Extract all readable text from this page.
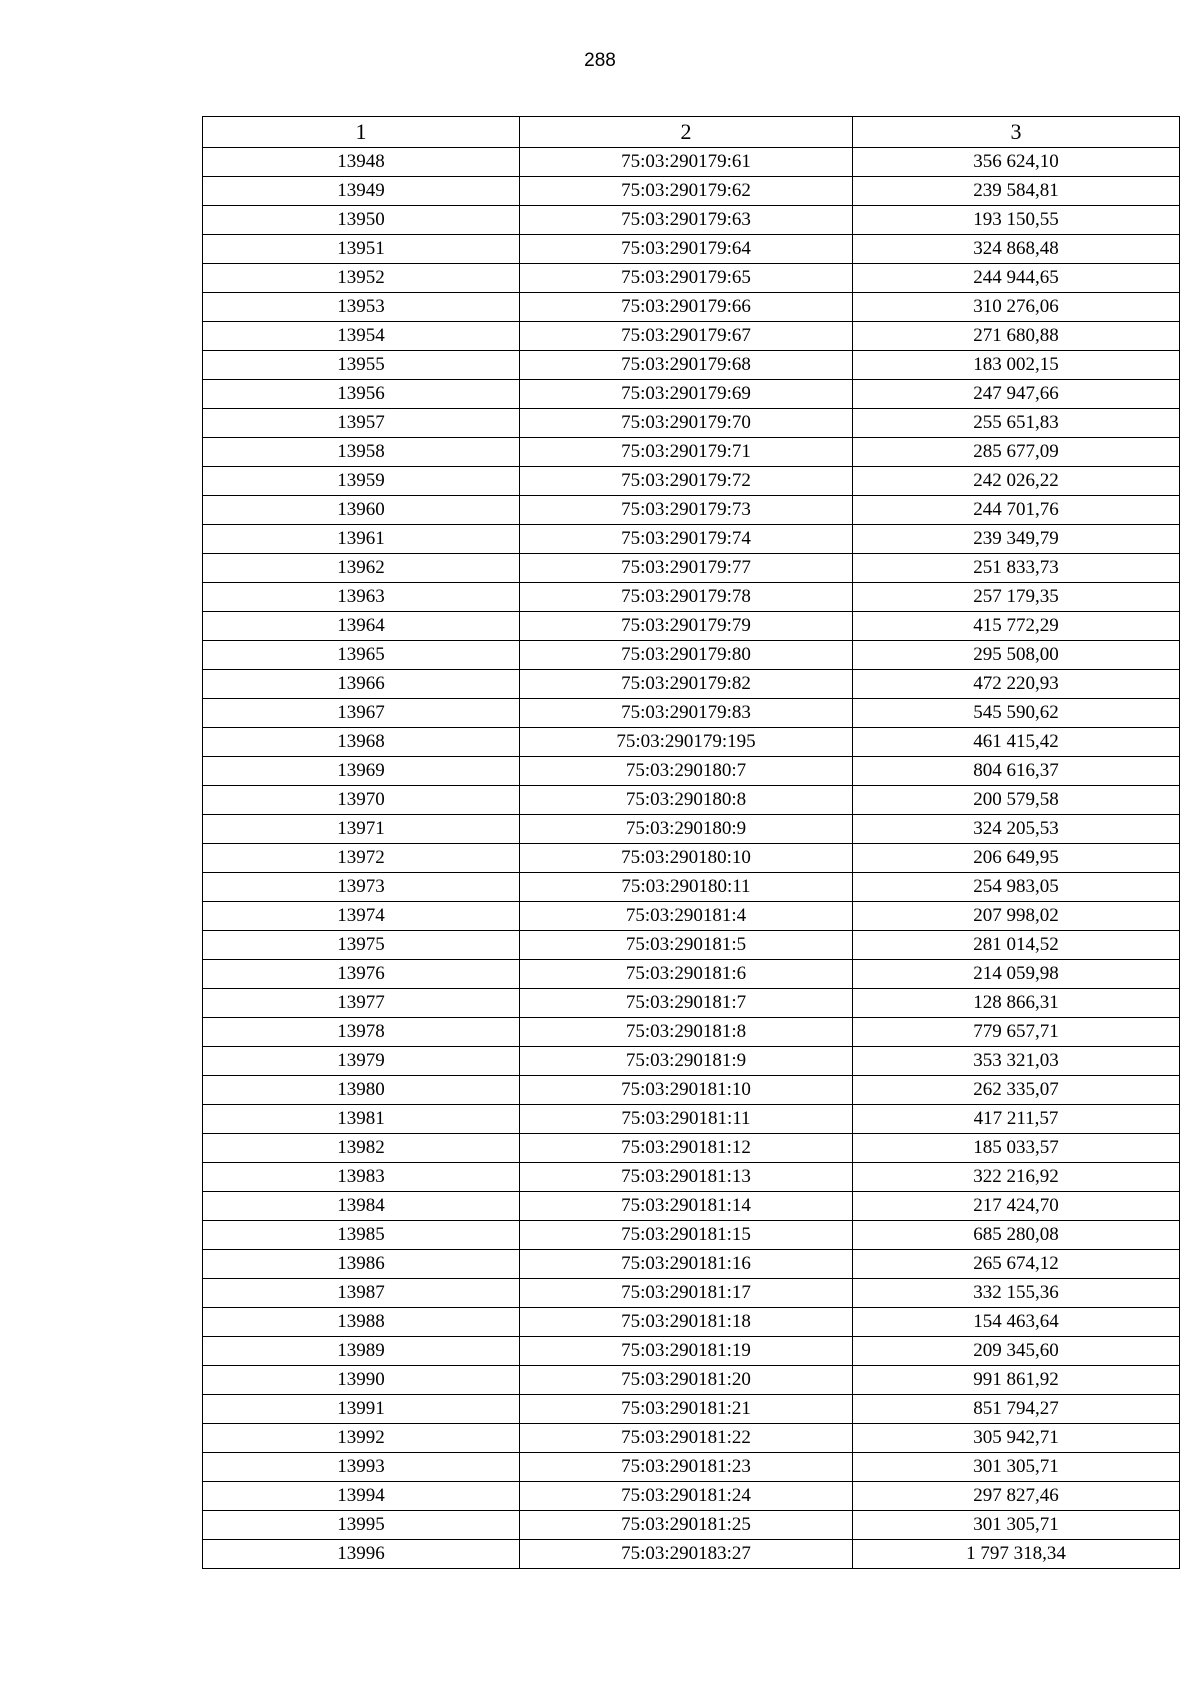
288
1	2	3
13948	75:03:290179:61	356 624,10
13949	75:03:290179:62	239 584,81
13950	75:03:290179:63	193 150,55
13951	75:03:290179:64	324 868,48
13952	75:03:290179:65	244 944,65
13953	75:03:290179:66	310 276,06
13954	75:03:290179:67	271 680,88
13955	75:03:290179:68	183 002,15
13956	75:03:290179:69	247 947,66
13957	75:03:290179:70	255 651,83
13958	75:03:290179:71	285 677,09
13959	75:03:290179:72	242 026,22
13960	75:03:290179:73	244 701,76
13961	75:03:290179:74	239 349,79
13962	75:03:290179:77	251 833,73
13963	75:03:290179:78	257 179,35
13964	75:03:290179:79	415 772,29
13965	75:03:290179:80	295 508,00
13966	75:03:290179:82	472 220,93
13967	75:03:290179:83	545 590,62
13968	75:03:290179:195	461 415,42
13969	75:03:290180:7	804 616,37
13970	75:03:290180:8	200 579,58
13971	75:03:290180:9	324 205,53
13972	75:03:290180:10	206 649,95
13973	75:03:290180:11	254 983,05
13974	75:03:290181:4	207 998,02
13975	75:03:290181:5	281 014,52
13976	75:03:290181:6	214 059,98
13977	75:03:290181:7	128 866,31
13978	75:03:290181:8	779 657,71
13979	75:03:290181:9	353 321,03
13980	75:03:290181:10	262 335,07
13981	75:03:290181:11	417 211,57
13982	75:03:290181:12	185 033,57
13983	75:03:290181:13	322 216,92
13984	75:03:290181:14	217 424,70
13985	75:03:290181:15	685 280,08
13986	75:03:290181:16	265 674,12
13987	75:03:290181:17	332 155,36
13988	75:03:290181:18	154 463,64
13989	75:03:290181:19	209 345,60
13990	75:03:290181:20	991 861,92
13991	75:03:290181:21	851 794,27
13992	75:03:290181:22	305 942,71
13993	75:03:290181:23	301 305,71
13994	75:03:290181:24	297 827,46
13995	75:03:290181:25	301 305,71
13996	75:03:290183:27	1 797 318,34
